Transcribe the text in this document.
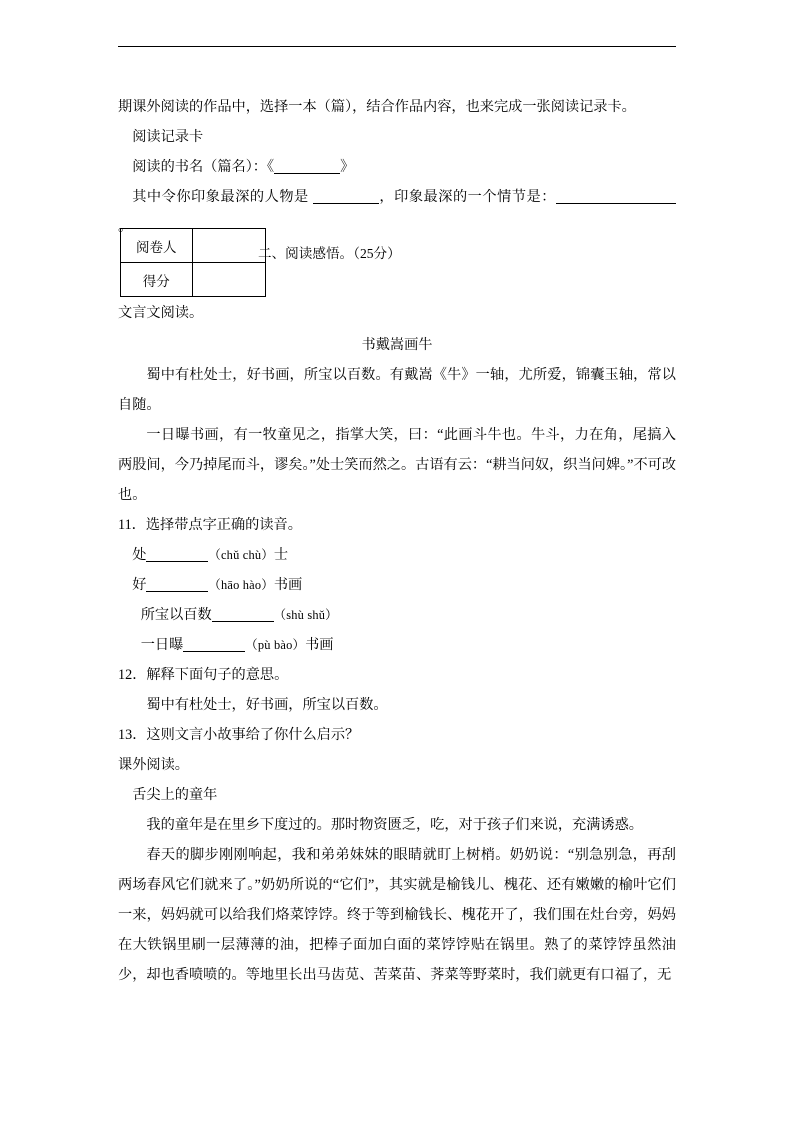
期课外阅读的作品中，选择一本（篇），结合作品内容，也来完成一张阅读记录卡。

阅读记录卡

阅读的书名（篇名）：《	》

其中令你印象最深的人物是	，印象最深的一个情节是：。

阅卷人	
得分	
二、阅读感悟。（25分）

文言文阅读。

书戴嵩画牛

蜀中有杜处士，好书画，所宝以百数。有戴嵩《牛》一轴，尤所爱，锦囊玉轴，常以自随。

一日曝书画，有一牧童见之，指掌大笑，曰：“此画斗牛也。牛斗，力在角，尾搞入两股间，今乃掉尾而斗，谬矣。”处士笑而然之。古语有云：“耕当问奴，织当问婢。”不可改也。

11．选择带点字正确的读音。

处	（chǔ chù）士

好	（hāo hào）书画

所宝以百数	（shù shǔ）

一日曝	（pù bào）书画

12．解释下面句子的意思。

蜀中有杜处士，好书画，所宝以百数。

13．这则文言小故事给了你什么启示？

课外阅读。

舌尖上的童年

我的童年是在里乡下度过的。那时物资匮乏，吃，对于孩子们来说，充满诱惑。

春天的脚步刚刚响起，我和弟弟妹妹的眼睛就盯上树梢。奶奶说：“别急别急，再刮两场春风它们就来了。”奶奶所说的“它们”，其实就是榆钱儿、槐花、还有嫩嫩的榆叶它们一来，妈妈就可以给我们烙菜饽饽。终于等到榆钱长、槐花开了，我们围在灶台旁，妈妈在大铁锅里刷一层薄薄的油，把棒子面加白面的菜饽饽贴在锅里。熟了的菜饽饽虽然油少，却也香喷喷的。等地里长出马齿苋、苦菜苗、荠菜等野菜时，我们就更有口福了，无
